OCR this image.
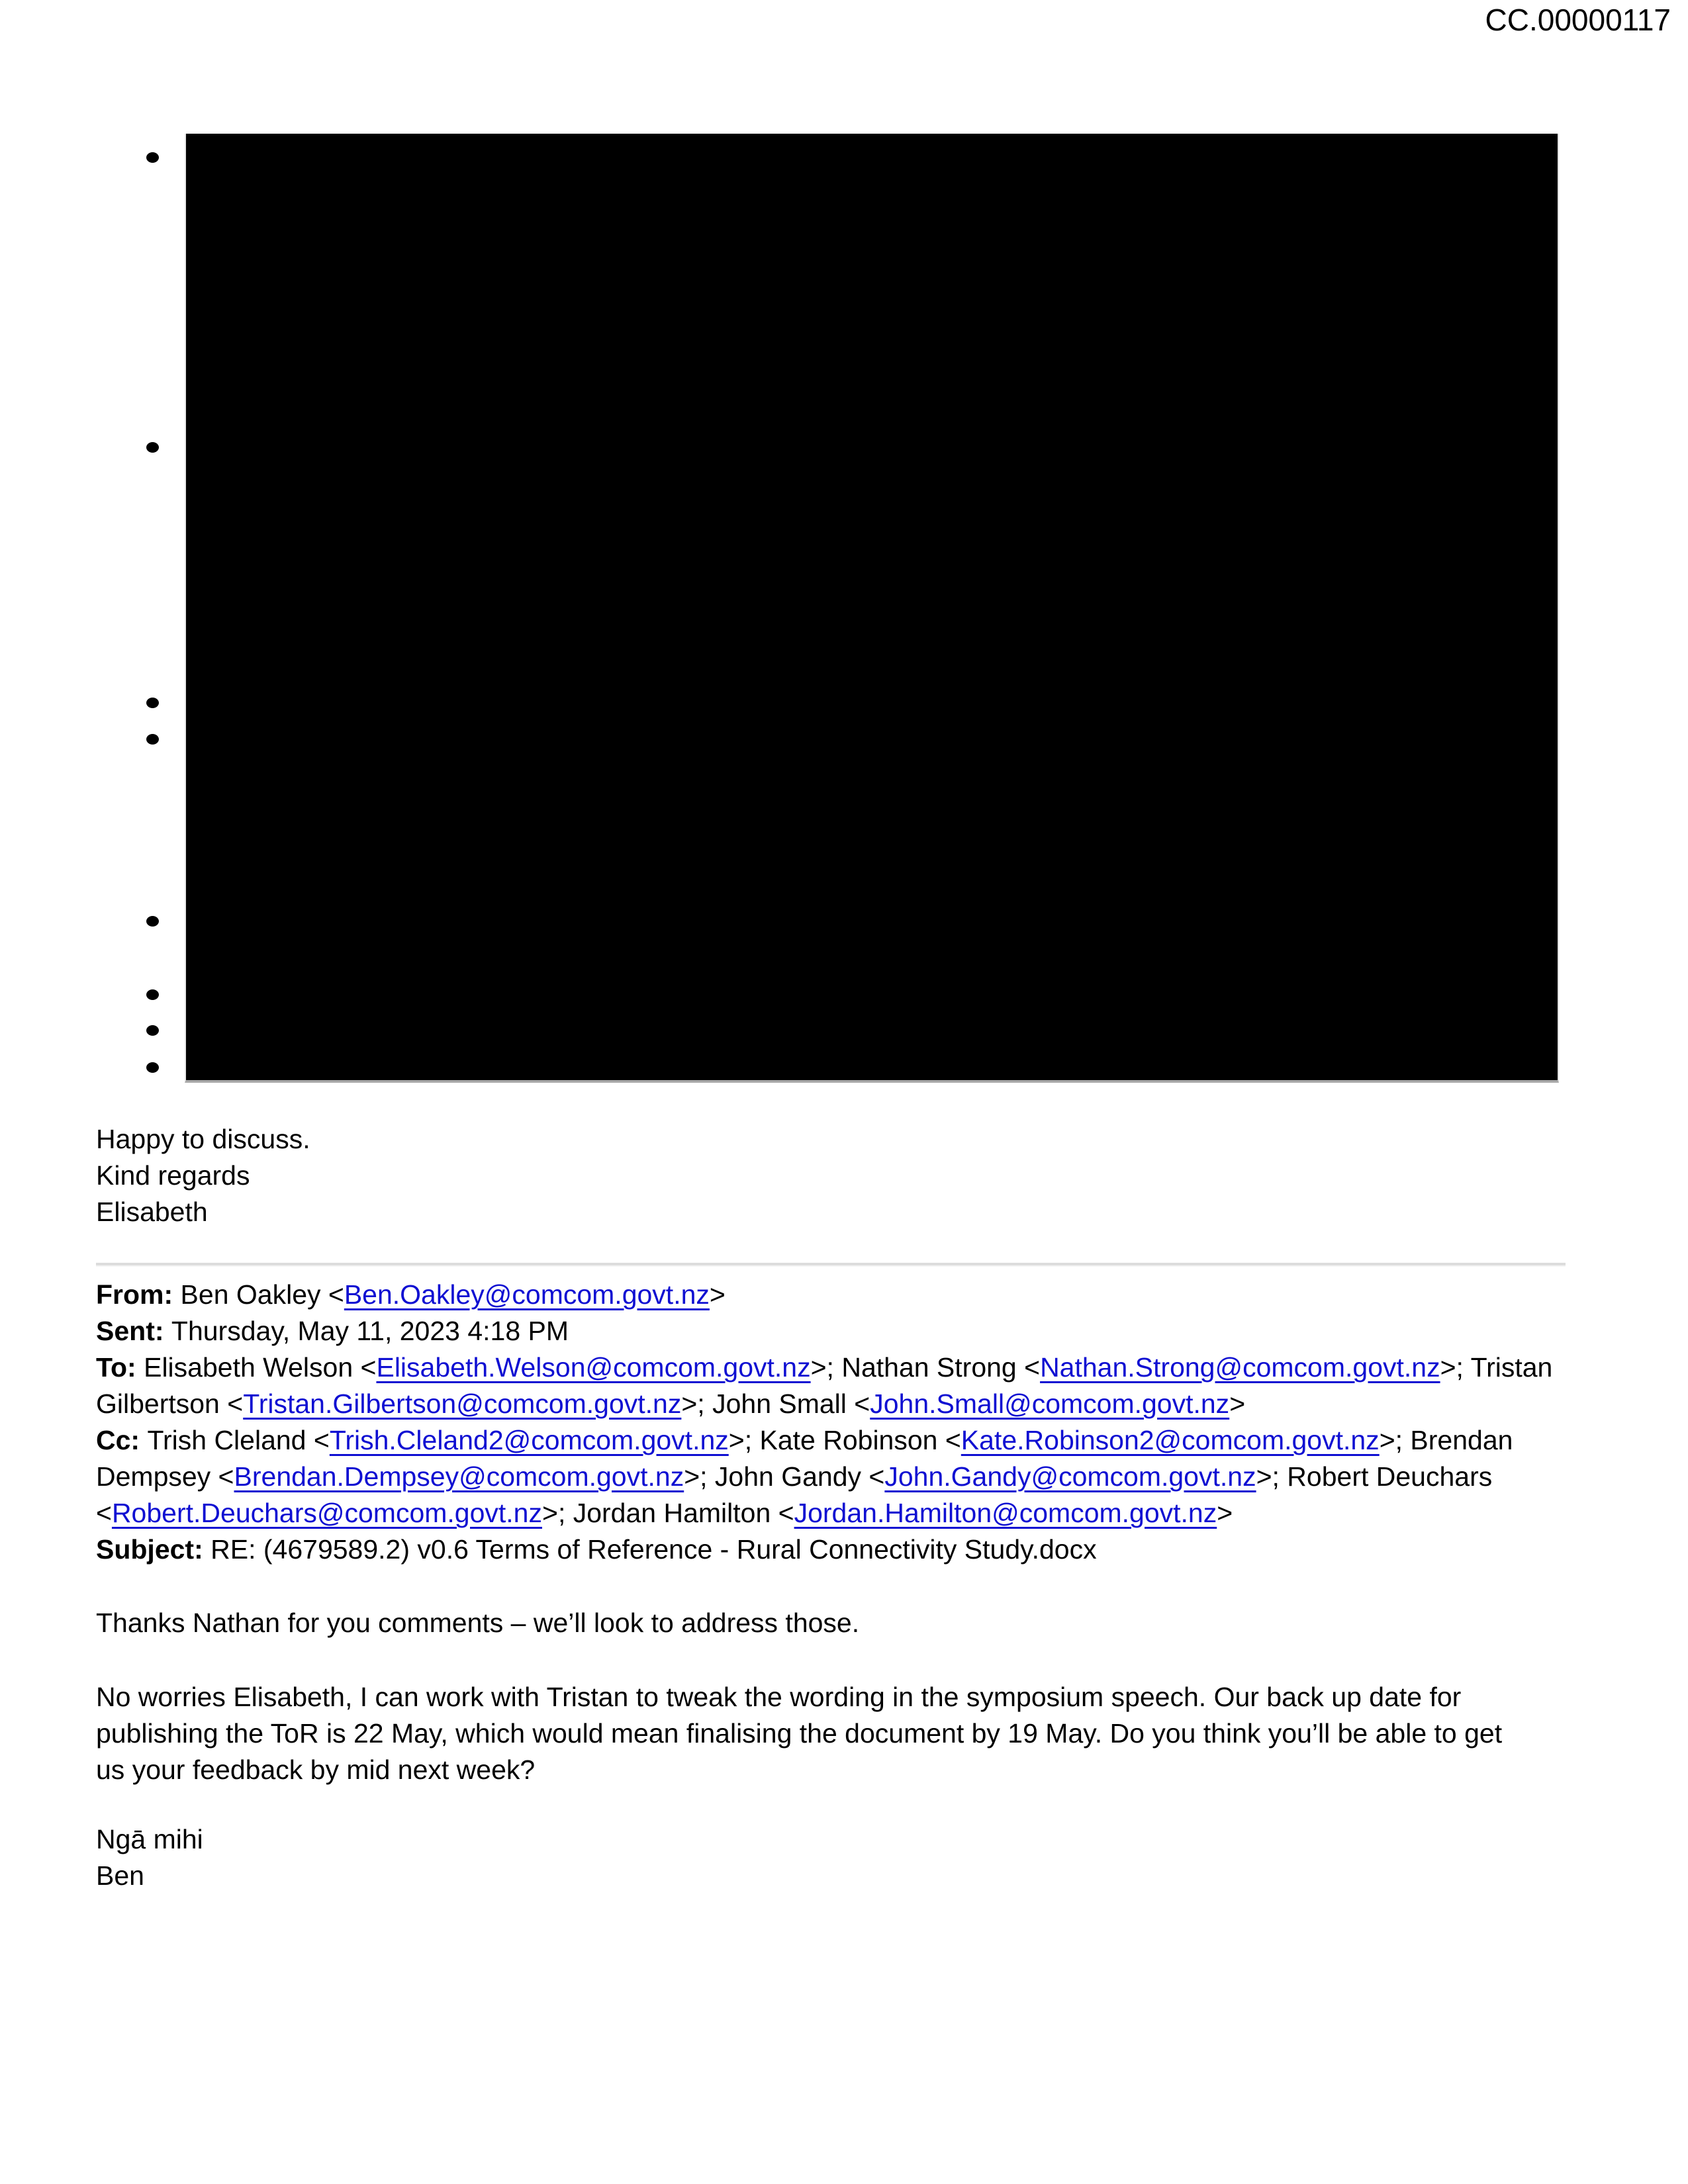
CC.00000117
Happy to discuss.
Kind regards
Elisabeth
From: Ben Oakley <Ben.Oakley@comcom.govt.nz>
Sent: Thursday, May 11, 2023 4:18 PM
To: Elisabeth Welson <Elisabeth.Welson@comcom.govt.nz>; Nathan Strong <Nathan.Strong@comcom.govt.nz>; Tristan
Gilbertson <Tristan.Gilbertson@comcom.govt.nz>; John Small <John.Small@comcom.govt.nz>
Cc: Trish Cleland <Trish.Cleland2@comcom.govt.nz>; Kate Robinson <Kate.Robinson2@comcom.govt.nz>; Brendan
Dempsey <Brendan.Dempsey@comcom.govt.nz>; John Gandy <John.Gandy@comcom.govt.nz>; Robert Deuchars
<Robert.Deuchars@comcom.govt.nz>; Jordan Hamilton <Jordan.Hamilton@comcom.govt.nz>
Subject: RE: (4679589.2) v0.6 Terms of Reference - Rural Connectivity Study.docx
Thanks Nathan for you comments – we’ll look to address those.
No worries Elisabeth, I can work with Tristan to tweak the wording in the symposium speech. Our back up date for
publishing the ToR is 22 May, which would mean finalising the document by 19 May. Do you think you’ll be able to get
us your feedback by mid next week?
Ngā mihi
Ben
